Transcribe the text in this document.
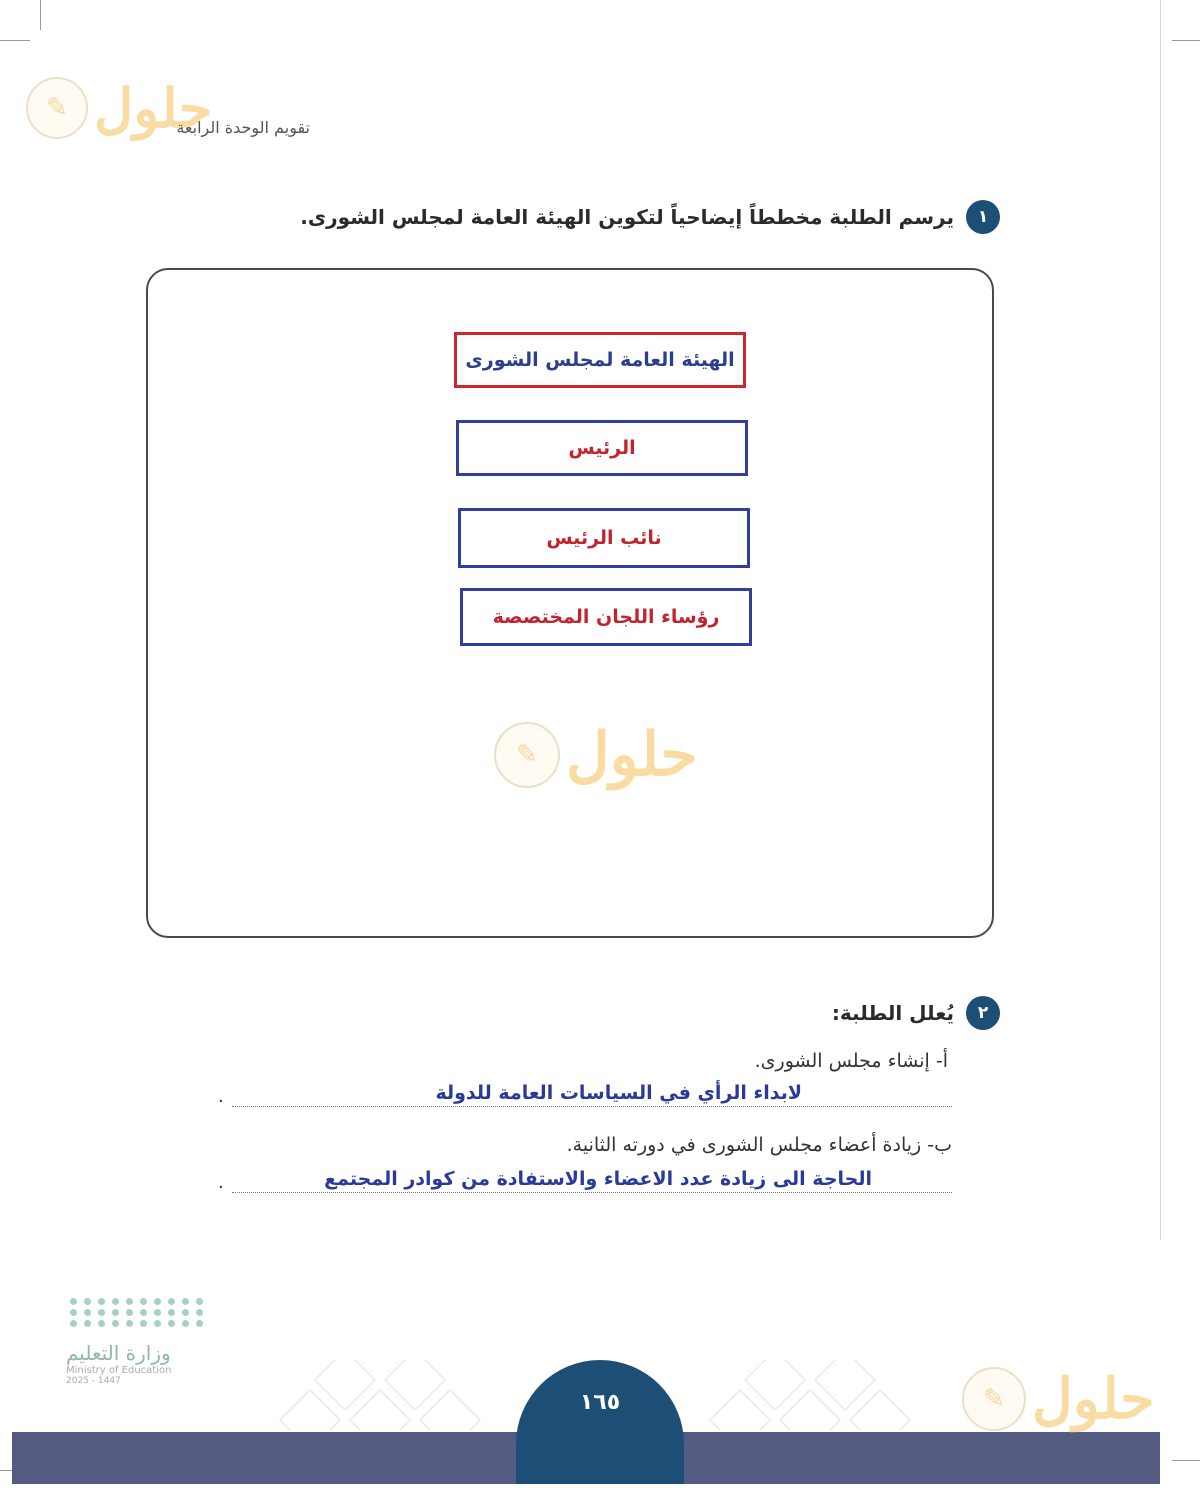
✎ حلول
تقويم الوحدة الرابعة
١
يرسم الطلبة مخططاً إيضاحياً لتكوين الهيئة العامة لمجلس الشورى.
الهيئة العامة لمجلس الشورى
الرئيس
نائب الرئيس
رؤساء اللجان المختصصة
✎ حلول
٢
يُعلل الطلبة:
أ- إنشاء مجلس الشورى.
لابداء الرأي في السياسات العامة للدولة
.
ب- زيادة أعضاء مجلس الشورى في دورته الثانية.
الحاجة الى زيادة عدد الاعضاء والاستفادة من كوادر المجتمع
.
وزارة التعليم
Ministry of Education
2025 - 1447
١٦٥	✎ حلول
